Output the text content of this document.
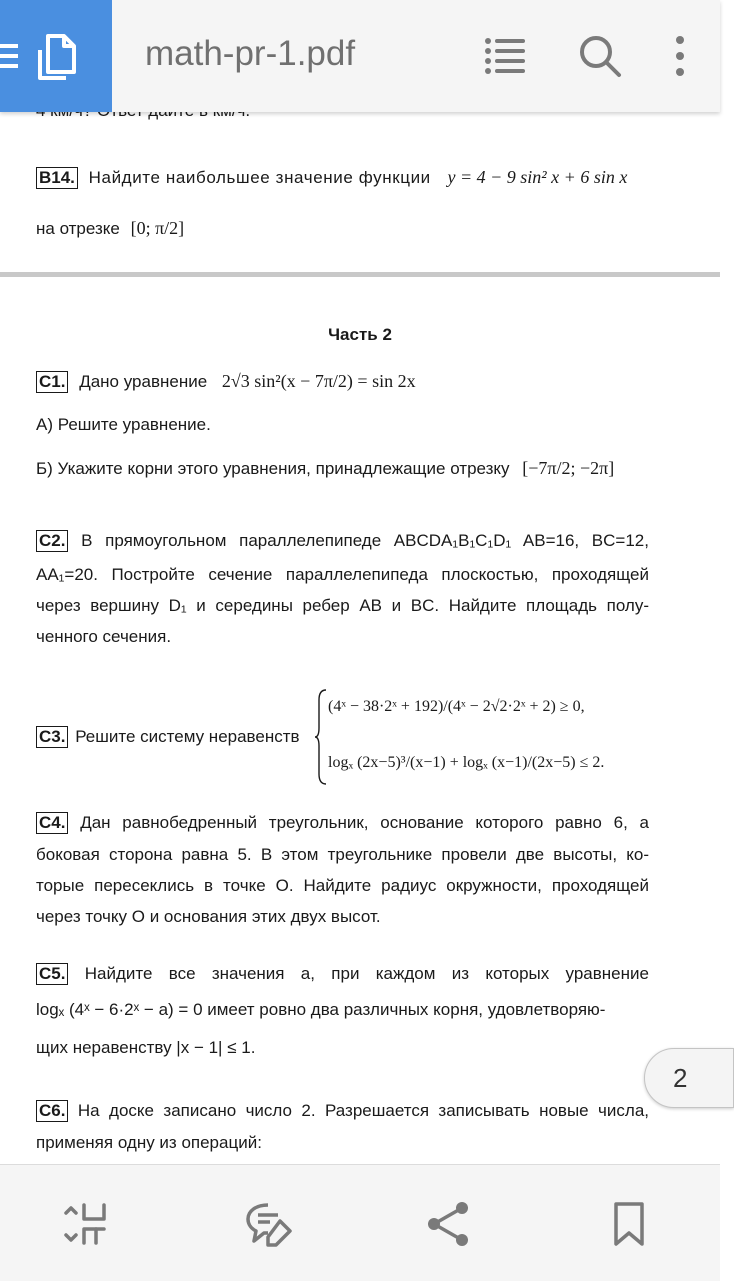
math-pr-1.pdf
B14. Найдите наибольшее значение функции y = 4 − 9 sin² x + 6 sin x
на отрезке [0; π/2]
Часть 2
C1. Дано уравнение 2√3 sin²(x − 7π/2) = sin 2x
А) Решите уравнение.
Б) Укажите корни этого уравнения, принадлежащие отрезку [−7π/2; −2π]
C2. В прямоугольном параллелепипеде ABCDA₁B₁C₁D₁ AB=16, BC=12,
AA₁=20. Постройте сечение параллелепипеда плоскостью, проходящей
через вершину D₁ и середины ребер AB и BC. Найдите площадь полу-
ченного сечения.
C3. Решите систему неравенств
(4ˣ − 38·2ˣ + 192)/(4ˣ − 2√2·2ˣ + 2) ≥ 0,
logₓ (2x−5)³/(x−1) + logₓ (x−1)/(2x−5) ≤ 2.
C4. Дан равнобедренный треугольник, основание которого равно 6, а
боковая сторона равна 5. В этом треугольнике провели две высоты, ко-
торые пересеклись в точке O. Найдите радиус окружности, проходящей
через точку O и основания этих двух высот.
C5. Найдите все значения a, при каждом из которых уравнение
logₓ (4ˣ − 6·2ˣ − a) = 0 имеет ровно два различных корня, удовлетворяю-
щих неравенству |x − 1| ≤ 1.
C6. На доске записано число 2. Разрешается записывать новые числа,
применяя одну из операций:
2
